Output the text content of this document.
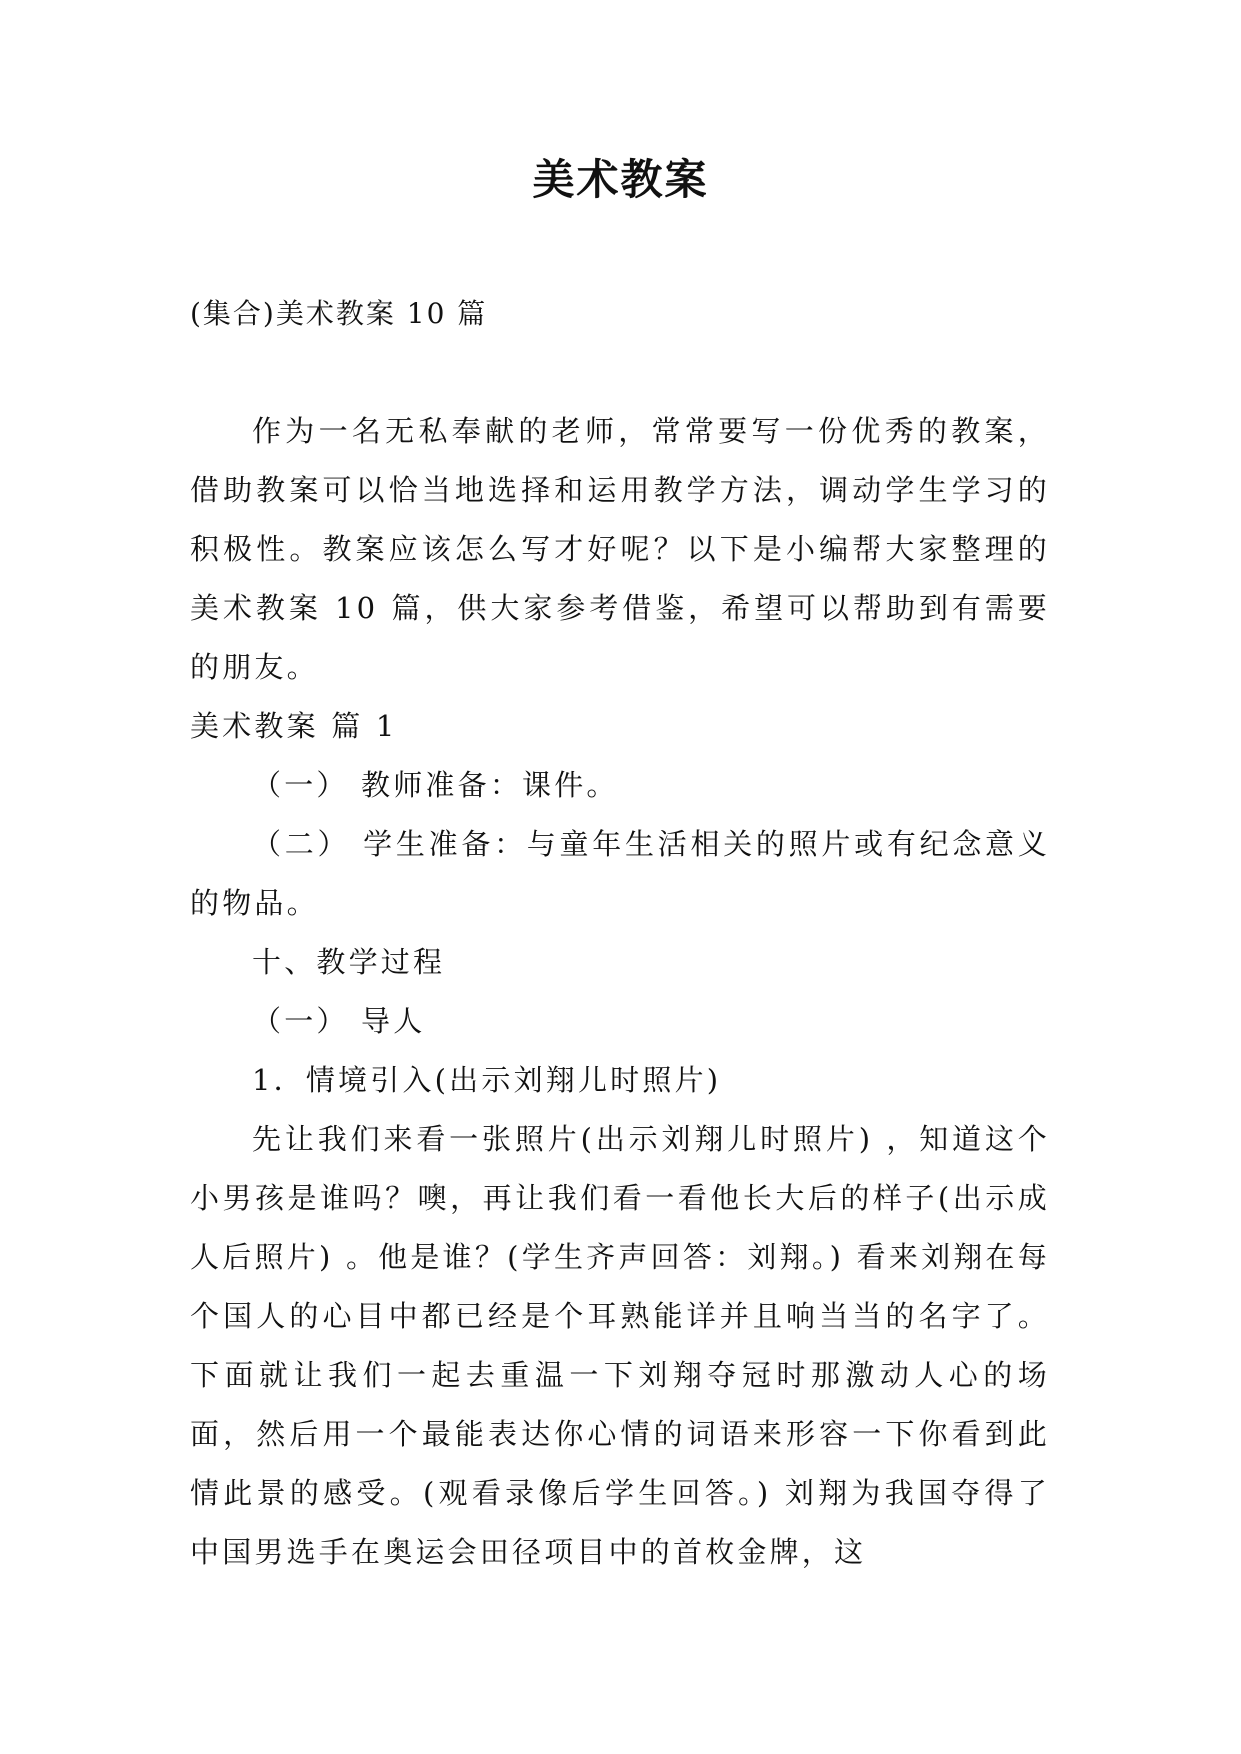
美术教案
(集合)美术教案 10 篇

作为一名无私奉献的老师，常常要写一份优秀的教案，借助教案可以恰当地选择和运用教学方法，调动学生学习的积极性。教案应该怎么写才好呢？以下是小编帮大家整理的美术教案 10 篇，供大家参考借鉴，希望可以帮助到有需要的朋友。

美术教案 篇 1

（一） 教师准备：课件。

（二） 学生准备：与童年生活相关的照片或有纪念意义的物品。

十、教学过程

（一） 导人

1．情境引入(出示刘翔儿时照片)

先让我们来看一张照片(出示刘翔儿时照片) ，知道这个小男孩是谁吗？噢，再让我们看一看他长大后的样子(出示成人后照片) 。他是谁？(学生齐声回答：刘翔。) 看来刘翔在每个国人的心目中都已经是个耳熟能详并且响当当的名字了。下面就让我们一起去重温一下刘翔夺冠时那激动人心的场面，然后用一个最能表达你心情的词语来形容一下你看到此情此景的感受。(观看录像后学生回答。) 刘翔为我国夺得了中国男选手在奥运会田径项目中的首枚金牌，这
